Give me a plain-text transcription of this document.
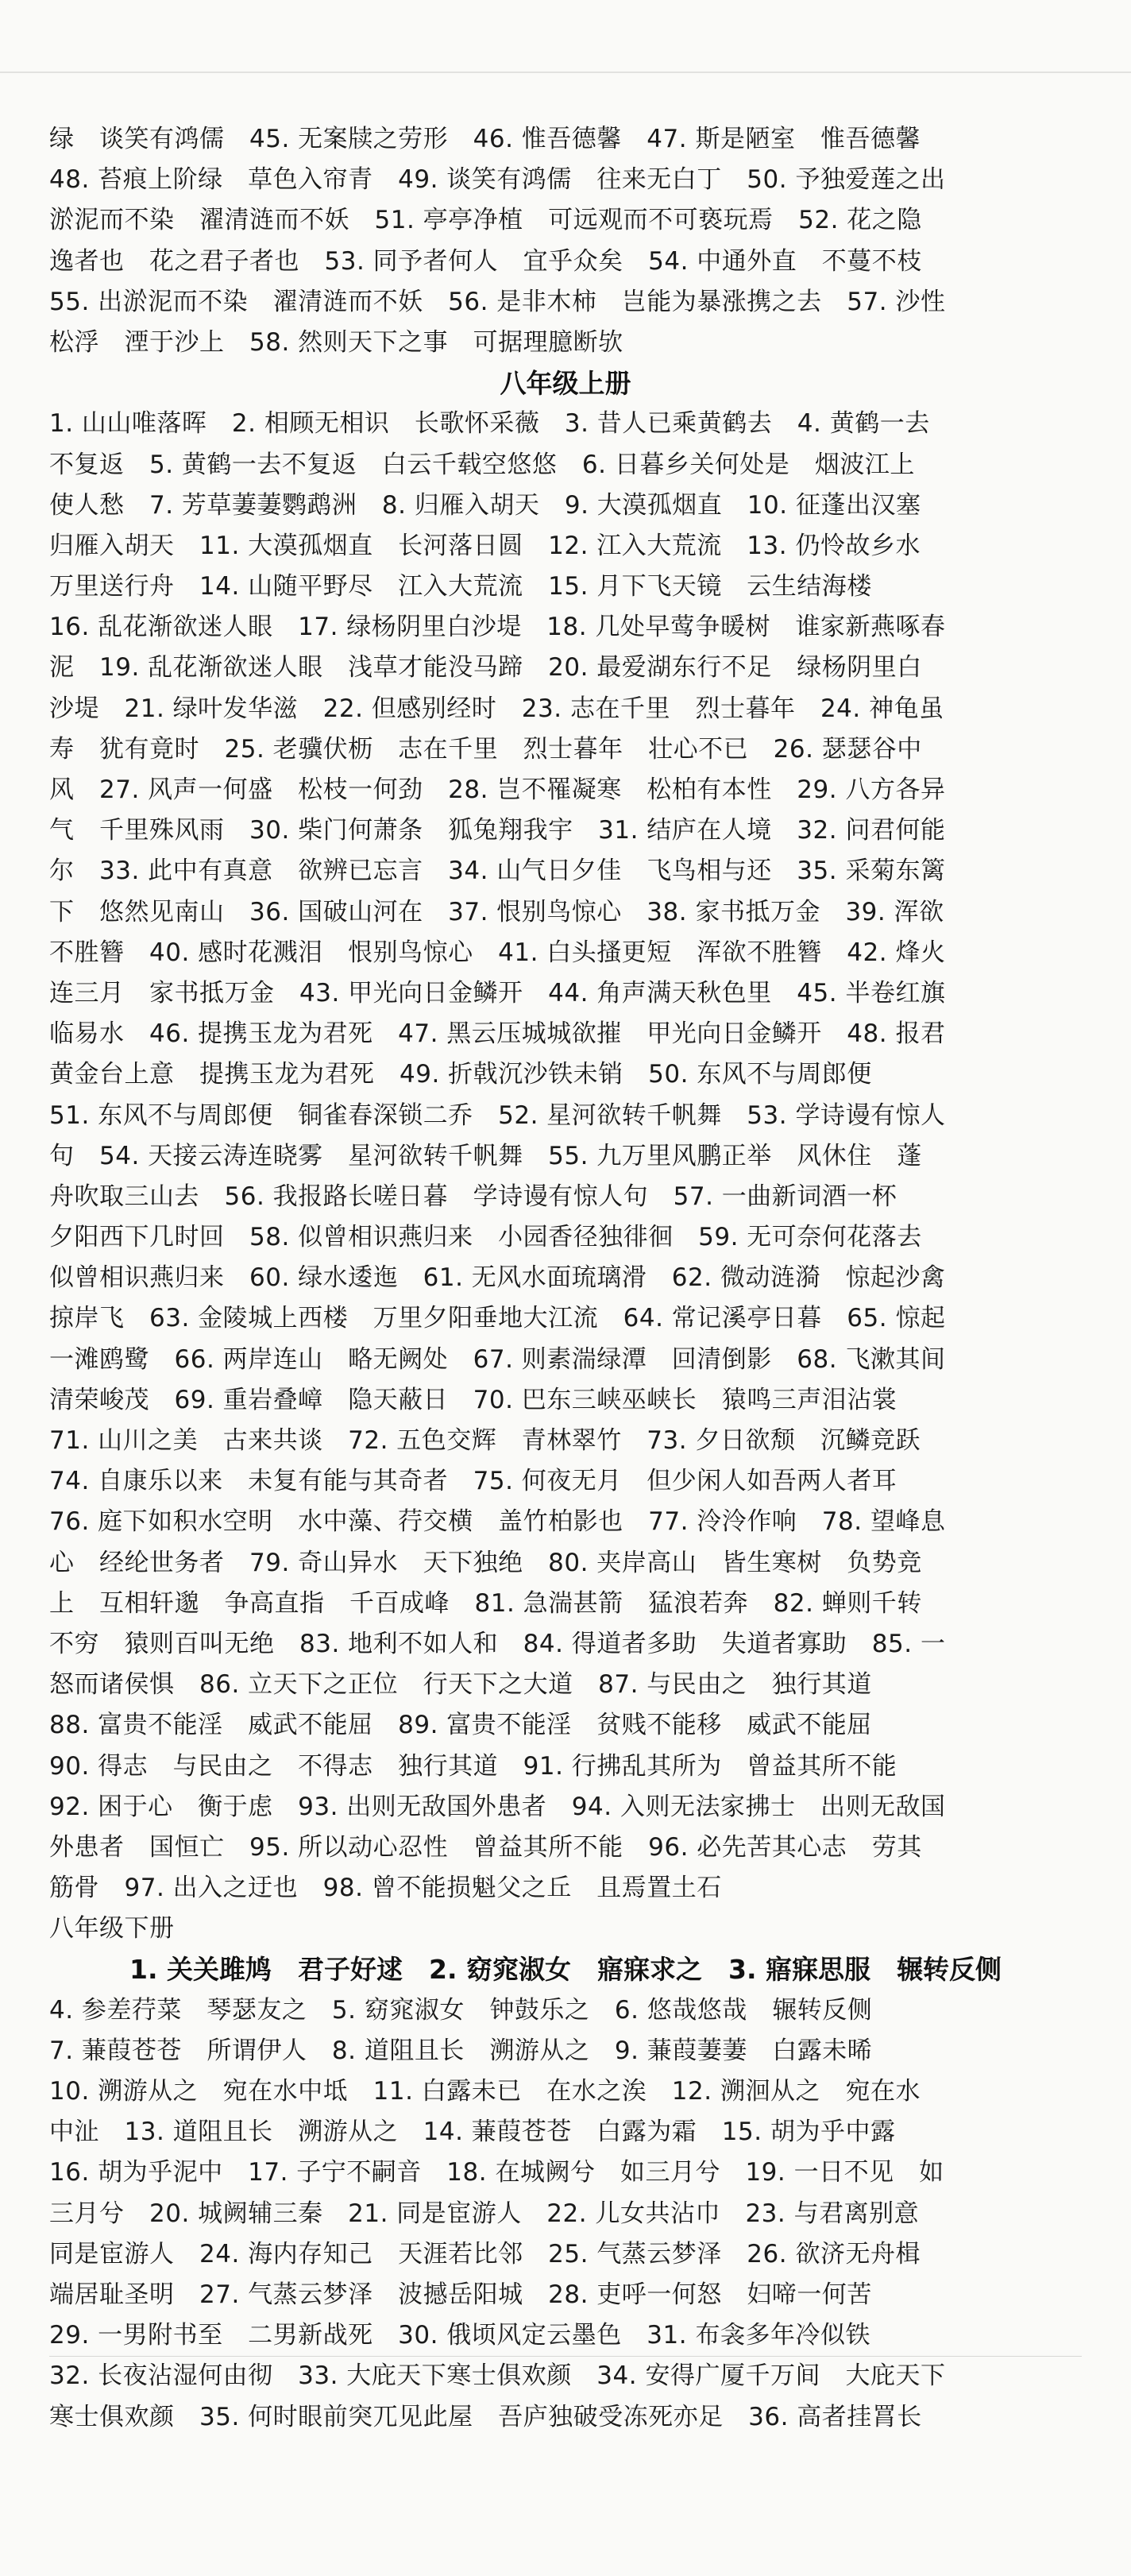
绿　谈笑有鸿儒　45. 无案牍之劳形　46. 惟吾德馨　47. 斯是陋室　惟吾德馨
48. 苔痕上阶绿　草色入帘青　49. 谈笑有鸿儒　往来无白丁　50. 予独爱莲之出
淤泥而不染　濯清涟而不妖　51. 亭亭净植　可远观而不可亵玩焉　52. 花之隐
逸者也　花之君子者也　53. 同予者何人　宜乎众矣　54. 中通外直　不蔓不枝
55. 出淤泥而不染　濯清涟而不妖　56. 是非木柿　岂能为暴涨携之去　57. 沙性
松浮　湮于沙上　58. 然则天下之事　可据理臆断欤
八年级上册
1. 山山唯落晖　2. 相顾无相识　长歌怀采薇　3. 昔人已乘黄鹤去　4. 黄鹤一去
不复返　5. 黄鹤一去不复返　白云千载空悠悠　6. 日暮乡关何处是　烟波江上
使人愁　7. 芳草萋萋鹦鹉洲　8. 归雁入胡天　9. 大漠孤烟直　10. 征蓬出汉塞
归雁入胡天　11. 大漠孤烟直　长河落日圆　12. 江入大荒流　13. 仍怜故乡水
万里送行舟　14. 山随平野尽　江入大荒流　15. 月下飞天镜　云生结海楼
16. 乱花渐欲迷人眼　17. 绿杨阴里白沙堤　18. 几处早莺争暖树　谁家新燕啄春
泥　19. 乱花渐欲迷人眼　浅草才能没马蹄　20. 最爱湖东行不足　绿杨阴里白
沙堤　21. 绿叶发华滋　22. 但感别经时　23. 志在千里　烈士暮年　24. 神龟虽
寿　犹有竟时　25. 老骥伏枥　志在千里　烈士暮年　壮心不已　26. 瑟瑟谷中
风　27. 风声一何盛　松枝一何劲　28. 岂不罹凝寒　松柏有本性　29. 八方各异
气　千里殊风雨　30. 柴门何萧条　狐兔翔我宇　31. 结庐在人境　32. 问君何能
尔　33. 此中有真意　欲辨已忘言　34. 山气日夕佳　飞鸟相与还　35. 采菊东篱
下　悠然见南山　36. 国破山河在　37. 恨别鸟惊心　38. 家书抵万金　39. 浑欲
不胜簪　40. 感时花溅泪　恨别鸟惊心　41. 白头搔更短　浑欲不胜簪　42. 烽火
连三月　家书抵万金　43. 甲光向日金鳞开　44. 角声满天秋色里　45. 半卷红旗
临易水　46. 提携玉龙为君死　47. 黑云压城城欲摧　甲光向日金鳞开　48. 报君
黄金台上意　提携玉龙为君死　49. 折戟沉沙铁未销　50. 东风不与周郎便
51. 东风不与周郎便　铜雀春深锁二乔　52. 星河欲转千帆舞　53. 学诗谩有惊人
句　54. 天接云涛连晓雾　星河欲转千帆舞　55. 九万里风鹏正举　风休住　蓬
舟吹取三山去　56. 我报路长嗟日暮　学诗谩有惊人句　57. 一曲新词酒一杯
夕阳西下几时回　58. 似曾相识燕归来　小园香径独徘徊　59. 无可奈何花落去
似曾相识燕归来　60. 绿水逶迤　61. 无风水面琉璃滑　62. 微动涟漪　惊起沙禽
掠岸飞　63. 金陵城上西楼　万里夕阳垂地大江流　64. 常记溪亭日暮　65. 惊起
一滩鸥鹭　66. 两岸连山　略无阙处　67. 则素湍绿潭　回清倒影　68. 飞漱其间
清荣峻茂　69. 重岩叠嶂　隐天蔽日　70. 巴东三峡巫峡长　猿鸣三声泪沾裳
71. 山川之美　古来共谈　72. 五色交辉　青林翠竹　73. 夕日欲颓　沉鳞竞跃
74. 自康乐以来　未复有能与其奇者　75. 何夜无月　但少闲人如吾两人者耳
76. 庭下如积水空明　水中藻、荇交横　盖竹柏影也　77. 泠泠作响　78. 望峰息
心　经纶世务者　79. 奇山异水　天下独绝　80. 夹岸高山　皆生寒树　负势竞
上　互相轩邈　争高直指　千百成峰　81. 急湍甚箭　猛浪若奔　82. 蝉则千转
不穷　猿则百叫无绝　83. 地利不如人和　84. 得道者多助　失道者寡助　85. 一
怒而诸侯惧　86. 立天下之正位　行天下之大道　87. 与民由之　独行其道
88. 富贵不能淫　威武不能屈　89. 富贵不能淫　贫贱不能移　威武不能屈
90. 得志　与民由之　不得志　独行其道　91. 行拂乱其所为　曾益其所不能
92. 困于心　衡于虑　93. 出则无敌国外患者　94. 入则无法家拂士　出则无敌国
外患者　国恒亡　95. 所以动心忍性　曾益其所不能　96. 必先苦其心志　劳其
筋骨　97. 出入之迂也　98. 曾不能损魁父之丘　且焉置土石
八年级下册
1. 关关雎鸠　君子好逑　2. 窈窕淑女　寤寐求之　3. 寤寐思服　辗转反侧
4. 参差荇菜　琴瑟友之　5. 窈窕淑女　钟鼓乐之　6. 悠哉悠哉　辗转反侧
7. 蒹葭苍苍　所谓伊人　8. 道阻且长　溯游从之　9. 蒹葭萋萋　白露未晞
10. 溯游从之　宛在水中坻　11. 白露未已　在水之涘　12. 溯洄从之　宛在水
中沚　13. 道阻且长　溯游从之　14. 蒹葭苍苍　白露为霜　15. 胡为乎中露
16. 胡为乎泥中　17. 子宁不嗣音　18. 在城阙兮　如三月兮　19. 一日不见　如
三月兮　20. 城阙辅三秦　21. 同是宦游人　22. 儿女共沾巾　23. 与君离别意
同是宦游人　24. 海内存知己　天涯若比邻　25. 气蒸云梦泽　26. 欲济无舟楫
端居耻圣明　27. 气蒸云梦泽　波撼岳阳城　28. 吏呼一何怒　妇啼一何苦
29. 一男附书至　二男新战死　30. 俄顷风定云墨色　31. 布衾多年冷似铁
32. 长夜沾湿何由彻　33. 大庇天下寒士俱欢颜　34. 安得广厦千万间　大庇天下
寒士俱欢颜　35. 何时眼前突兀见此屋　吾庐独破受冻死亦足　36. 高者挂罥长
